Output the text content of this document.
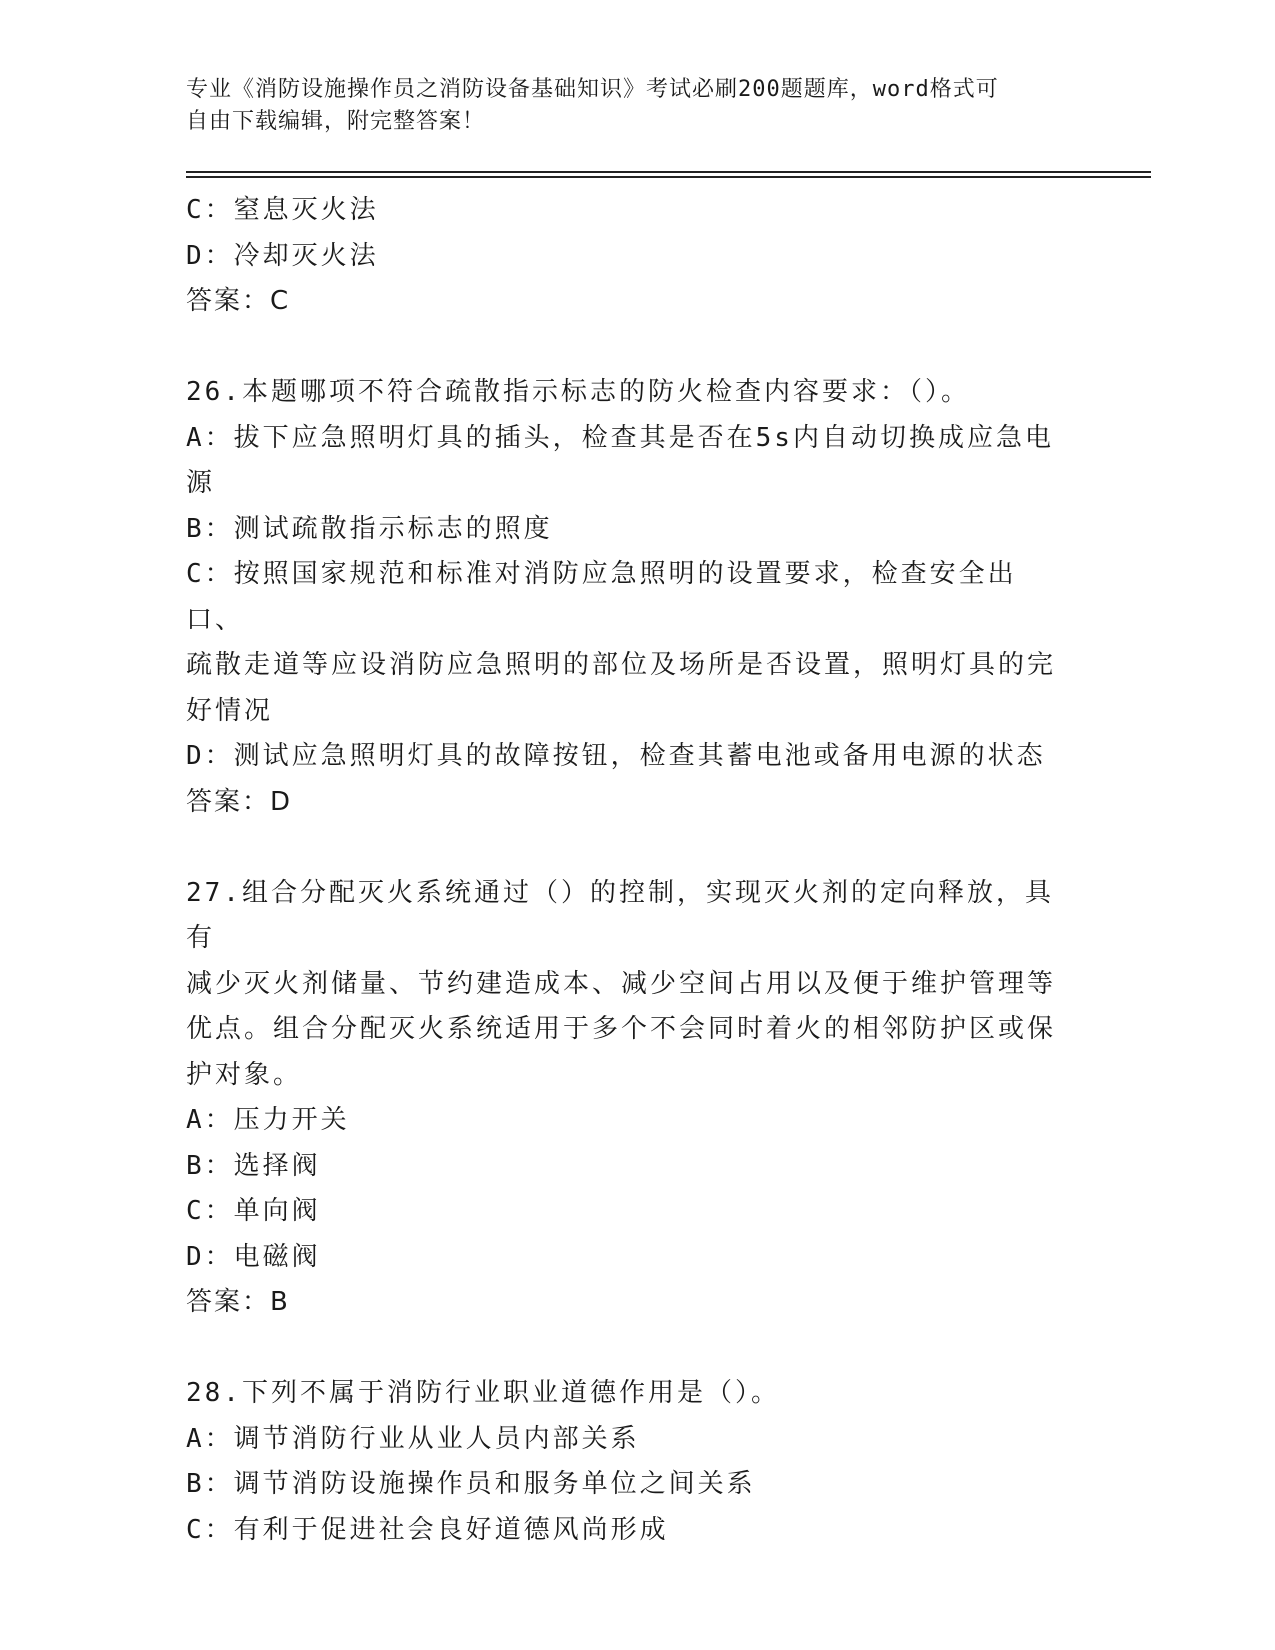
专业《消防设施操作员之消防设备基础知识》考试必刷200题题库，word格式可
自由下载编辑，附完整答案！
C：窒息灭火法
D：冷却灭火法
答案：C
26.本题哪项不符合疏散指示标志的防火检查内容要求：（）。
A：拔下应急照明灯具的插头，检查其是否在5s内自动切换成应急电
源
B：测试疏散指示标志的照度
C：按照国家规范和标准对消防应急照明的设置要求，检查安全出口、
疏散走道等应设消防应急照明的部位及场所是否设置，照明灯具的完
好情况
D：测试应急照明灯具的故障按钮，检查其蓄电池或备用电源的状态
答案：D
27.组合分配灭火系统通过（）的控制，实现灭火剂的定向释放，具有
减少灭火剂储量、节约建造成本、减少空间占用以及便于维护管理等
优点。组合分配灭火系统适用于多个不会同时着火的相邻防护区或保
护对象。
A：压力开关
B：选择阀
C：单向阀
D：电磁阀
答案：B
28.下列不属于消防行业职业道德作用是（）。
A：调节消防行业从业人员内部关系
B：调节消防设施操作员和服务单位之间关系
C：有利于促进社会良好道德风尚形成
